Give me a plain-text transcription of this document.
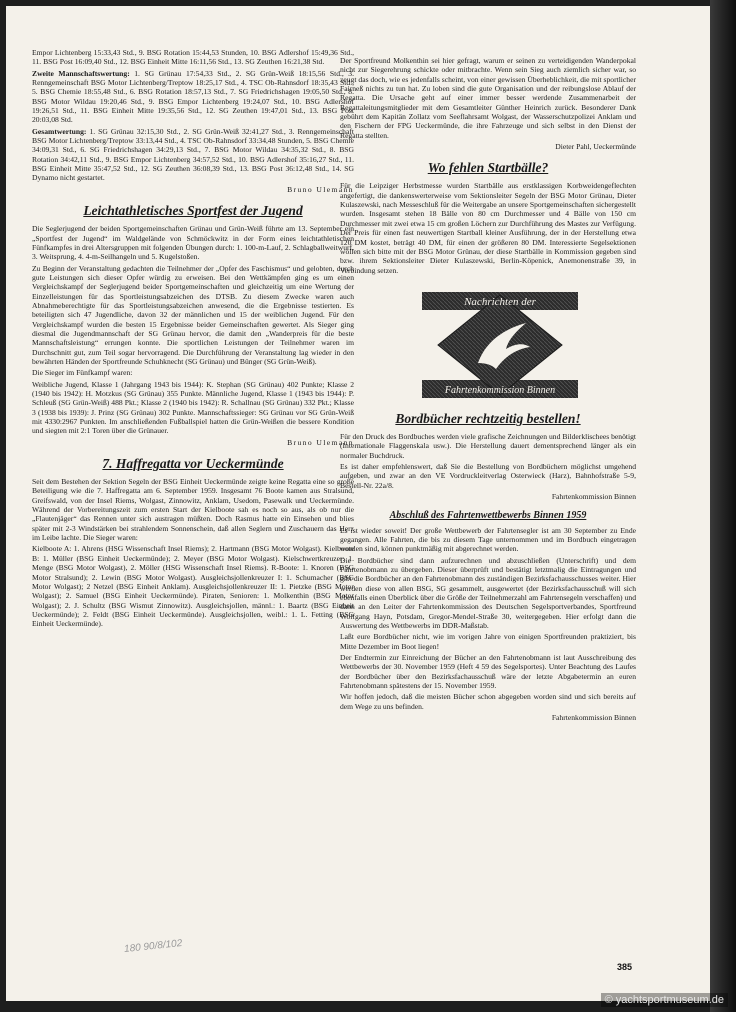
Empor Lichtenberg 15:33,43 Std., 9. BSG Rotation 15:44,53 Stunden, 10. BSG Adlershof 15:49,36 Std., 11. BSG Post 16:09,40 Std., 12. BSG Einheit Mitte 16:11,56 Std., 13. SG Zeuthen 16:21,38 Std.

Zweite Mannschaftswertung: 1. SG Grünau 17:54,33 Std., 2. SG Grün-Weiß 18:15,56 Std., 3. Renngemeinschaft BSG Motor Lichtenberg/Treptow 18:25,17 Std., 4. TSC Ob-Rahnsdorf 18:35,43 Std., 5. BSG Chemie 18:55,48 Std., 6. BSG Rotation 18:57,13 Std., 7. SG Friedrichshagen 19:05,50 Std., 8. BSG Motor Wildau 19:20,46 Std., 9. BSG Empor Lichtenberg 19:24,07 Std., 10. BSG Adlershof 19:26,51 Std., 11. BSG Einheit Mitte 19:35,56 Std., 12. SG Zeuthen 19:47,01 Std., 13. BSG Post 20:03,08 Std.

Gesamtwertung: 1. SG Grünau 32:15,30 Std., 2. SG Grün-Weiß 32:41,27 Std., 3. Renngemeinschaft BSG Motor Lichtenberg/Treptow 33:13,44 Std., 4. TSC Ob-Rahnsdorf 33:34,48 Stunden, 5. BSG Chemie 34:09,31 Std., 6. SG Friedrichshagen 34:29,13 Std., 7. BSG Motor Wildau 34:35,32 Std., 8. BSG Rotation 34:42,11 Std., 9. BSG Empor Lichtenberg 34:57,52 Std., 10. BSG Adlershof 35:16,27 Std., 11. BSG Einheit Mitte 35:47,52 Std., 12. SG Zeuthen 36:08,39 Std., 13. BSG Post 36:12,48 Std., 14. SG Dynamo nicht gestartet.

Bruno Ulemann

Leichtathletisches Sportfest der Jugend

Die Seglerjugend der beiden Sportgemeinschaften Grünau und Grün-Weiß führte am 13. September ein „Sportfest der Jugend“ im Waldgelände von Schmöckwitz in der Form eines leichtathletischen Fünfkampfes in drei Altersgruppen mit folgenden Übungen durch: 1. 100-m-Lauf, 2. Schlagballweitwurf, 3. Weitsprung, 4. 4-m-Seilhangeln und 5. Kugelstoßen.

Zu Beginn der Veranstaltung gedachten die Teilnehmer der „Opfer des Faschismus“ und gelobten, durch gute Leistungen sich dieser Opfer würdig zu erweisen. Bei den Wettkämpfen ging es um einen Vergleichskampf der Seglerjugend beider Sportgemeinschaften und gleichzeitig um eine Wertung der Einzelleistungen für das Sportleistungsabzeichen des DTSB. Zu diesem Zwecke waren auch Abnahmeberechtigte für das Sportleistungsabzeichen anwesend, die die Ergebnisse testierten. Es beteiligten sich 47 Jugendliche, davon 32 der männlichen und 15 der weiblichen Jugend. Für den Vergleichskampf wurden die besten 15 Ergebnisse beider Gemeinschaften gewertet. Als Sieger ging diesmal die Jugendmannschaft der SG Grünau hervor, die damit den „Wanderpreis für die beste Mannschaftsleistung“ errungen konnte. Die sportlichen Leistungen der Teilnehmer waren im Durchschnitt gut, zum Teil sogar hervorragend. Die Durchführung der Veranstaltung lag wieder in den bewährten Händen der Sportfreunde Schuhknecht (SG Grünau) und Bünger (SG Grün-Weiß).

Die Sieger im Fünfkampf waren:

Weibliche Jugend, Klasse 1 (Jahrgang 1943 bis 1944): K. Stephan (SG Grünau) 402 Punkte; Klasse 2 (1940 bis 1942): H. Motzkus (SG Grünau) 355 Punkte. Männliche Jugend, Klasse 1 (1943 bis 1944): P. Schleuß (SG Grün-Weiß) 488 Pkt.; Klasse 2 (1940 bis 1942): R. Schallnau (SG Grünau) 332 Pkt.; Klasse 3 (1938 bis 1939): J. Prinz (SG Grünau) 302 Punkte. Mannschaftssieger: SG Grünau vor SG Grün-Weiß mit 4330:2967 Punkten. Im anschließenden Fußballspiel hatten die Grün-Weißen die bessere Kondition und siegten mit 2:1 Toren über die Grünauer.

Bruno Ulemann

7. Haffregatta vor Ueckermünde

Seit dem Bestehen der Sektion Segeln der BSG Einheit Ueckermünde zeigte keine Regatta eine so große Beteiligung wie die 7. Haffregatta am 6. September 1959. Insgesamt 76 Boote kamen aus Stralsund, Greifswald, von der Insel Riems, Wolgast, Zinnowitz, Anklam, Usedom, Pasewalk und Ueckermünde. Während der Vorbereitungszeit zum ersten Start der Kielboote sah es noch so aus, als ob nur die „Flautenjäger“ das Rennen unter sich austragen müßten. Doch Rasmus hatte ein Einsehen und blies später mit 2-3 Windstärken bei strahlendem Sonnenschein, daß allen Seglern und Zuschauern das Herz im Leibe lachte. Die Sieger waren:

Kielboote A: 1. Ahrens (HSG Wissenschaft Insel Riems); 2. Hartmann (BSG Motor Wolgast). Kielboote B: 1. Müller (BSG Einheit Ueckermünde); 2. Meyer (BSG Motor Wolgast). Kielschwertkreuzer: 1. Menge (BSG Motor Wolgast), 2. Möller (HSG Wissenschaft Insel Riems). R-Boote: 1. Knoren (BSG Motor Stralsund); 2. Lewin (BSG Motor Wolgast). Ausgleichsjollenkreuzer I: 1. Schumacher (BSG Motor Wolgast); 2 Netzel (BSG Einheit Anklam). Ausgleichsjollenkreuzer II: 1. Pietzke (BSG Motor Wolgast); 2. Samuel (BSG Einheit Ueckermünde). Piraten, Senioren: 1. Molkenthin (BSG Motor Wolgast); 2. J. Schultz (BSG Wismut Zinnowitz). Ausgleichsjollen, männl.: 1. Baartz (BSG Einheit Ueckermünde); 2. Feldt (BSG Einheit Ueckermünde). Ausgleichsjollen, weibl.: 1. L. Fetting (BSG Einheit Ueckermünde).

Der Sportfreund Molkenthin sei hier gefragt, warum er seinen zu verteidigenden Wanderpokal nicht zur Siegerehrung schickte oder mitbrachte. Wenn sein Sieg auch ziemlich sicher war, so zeugt das doch, wie es jedenfalls scheint, von einer gewissen Überheblichkeit, die mit sportlicher Fairneß nichts zu tun hat. Zu loben sind die gute Organisation und der reibungslose Ablauf der Regatta. Die Ursache geht auf einer immer besser werdende Zusammenarbeit der Regattaleitungsmitglieder mit dem Gesamtleiter Günther Heinrich zurück. Besonderer Dank gebührt dem Kapitän Zollatz vom Seeflahrsamt Wolgast, der Wasserschutzpolizei Anklam und den Fischern der FPG Ueckermünde, die ihre Fahrzeuge und sich selbst in den Dienst der Regatta stellten.

Dieter Pahl, Ueckermünde

Wo fehlen Startbälle?

Für die Leipziger Herbstmesse wurden Startbälle aus erstklassigen Korbweidengeflechten angefertigt, die dankenswerterweise vom Sektionsleiter Segeln der BSG Motor Grünau, Dieter Kulaszewski, nach Messeschluß für die Weitergabe an unsere Sportgemeinschaften sichergestellt wurden. Insgesamt stehen 18 Bälle von 80 cm Durchmesser und 4 Bälle von 150 cm Durchmesser mit zwei etwa 15 cm großen Löchern zur Durchführung des Mastes zur Verfügung. Der Preis für einen fast neuwertigen Startball kleiner Ausführung, der in der Herstellung etwa 120 DM kostet, beträgt 40 DM, für einen der größeren 80 DM. Interessierte Segelsektionen wollen sich bitte mit der BSG Motor Grünau, der diese Startbälle in Kommission gegeben sind bzw. ihrem Sektionsleiter Dieter Kulaszewski, Berlin-Köpenick, Anemonenstraße 39, in Verbindung setzen.

Nachrichten der
Fahrtenkommission Binnen
Bordbücher rechtzeitig bestellen!

Für den Druck des Bordbuches werden viele grafische Zeichnungen und Bilderklischees benötigt (Internationale Flaggenskala usw.). Die Herstellung dauert dementsprechend länger als ein normaler Buchdruck.

Es ist daher empfehlenswert, daß Sie die Bestellung von Bordbüchern möglichst umgehend aufgeben, und zwar an den VE Vordruckleitverlag Osterwieck (Harz), Bahnhofstraße 5-9, Bestell-Nr. 22a/8.

Fahrtenkommission Binnen

Abschluß des Fahrtenwettbewerbs Binnen 1959

Es ist wieder soweit! Der große Wettbewerb der Fahrtensegler ist am 30 September zu Ende gegangen. Alle Fahrten, die bis zu diesem Tage unternommen und im Bordbuch eingetragen worden sind, können punktmäßig mit abgerechnet werden.

Die Bordbücher sind dann aufzurechnen und abzuschließen (Unterschrift) und dem Fahrtenobmann zu übergeben. Dieser überprüft und bestätigt letztmalig die Eintragungen und gibt die Bordbücher an den Fahrtenobmann des zuständigen Bezirksfachausschusses weiter. Hier werden diese von allen BSG, SG gesammelt, ausgewertet (der Bezirksfachausschuß will sich ebenfalls einen Überblick über die Größe der Teilnehmerzahl am Fahrtensegeln verschaffen) und dann an den Leiter der Fahrtenkommission des Deutschen Segelsportverbandes, Sportfreund Wolfgang Hayn, Potsdam, Gregor-Mendel-Straße 30, weitergegeben. Hier erfolgt dann die Auswertung des Wettbewerbs im DDR-Maßstab.

Laßt eure Bordbücher nicht, wie im vorigen Jahre von einigen Sportfreunden praktiziert, bis Mitte Dezember im Boot liegen!

Der Endtermin zur Einreichung der Bücher an den Fahrtenobmann ist laut Ausschreibung des Wettbewerbs der 30. November 1959 (Heft 4 59 des Segelsportes). Unter Beachtung des Laufes der Bordbücher über den Bezirksfachausschuß wäre der letzte Abgabetermin an euren Fahrtenobmann spätestens der 15. November 1959.

Wir hoffen jedoch, daß die meisten Bücher schon abgegeben worden sind und sich bereits auf dem Wege zu uns befinden.

Fahrtenkommission Binnen

180 90/8/102
385
© yachtsportmuseum.de
